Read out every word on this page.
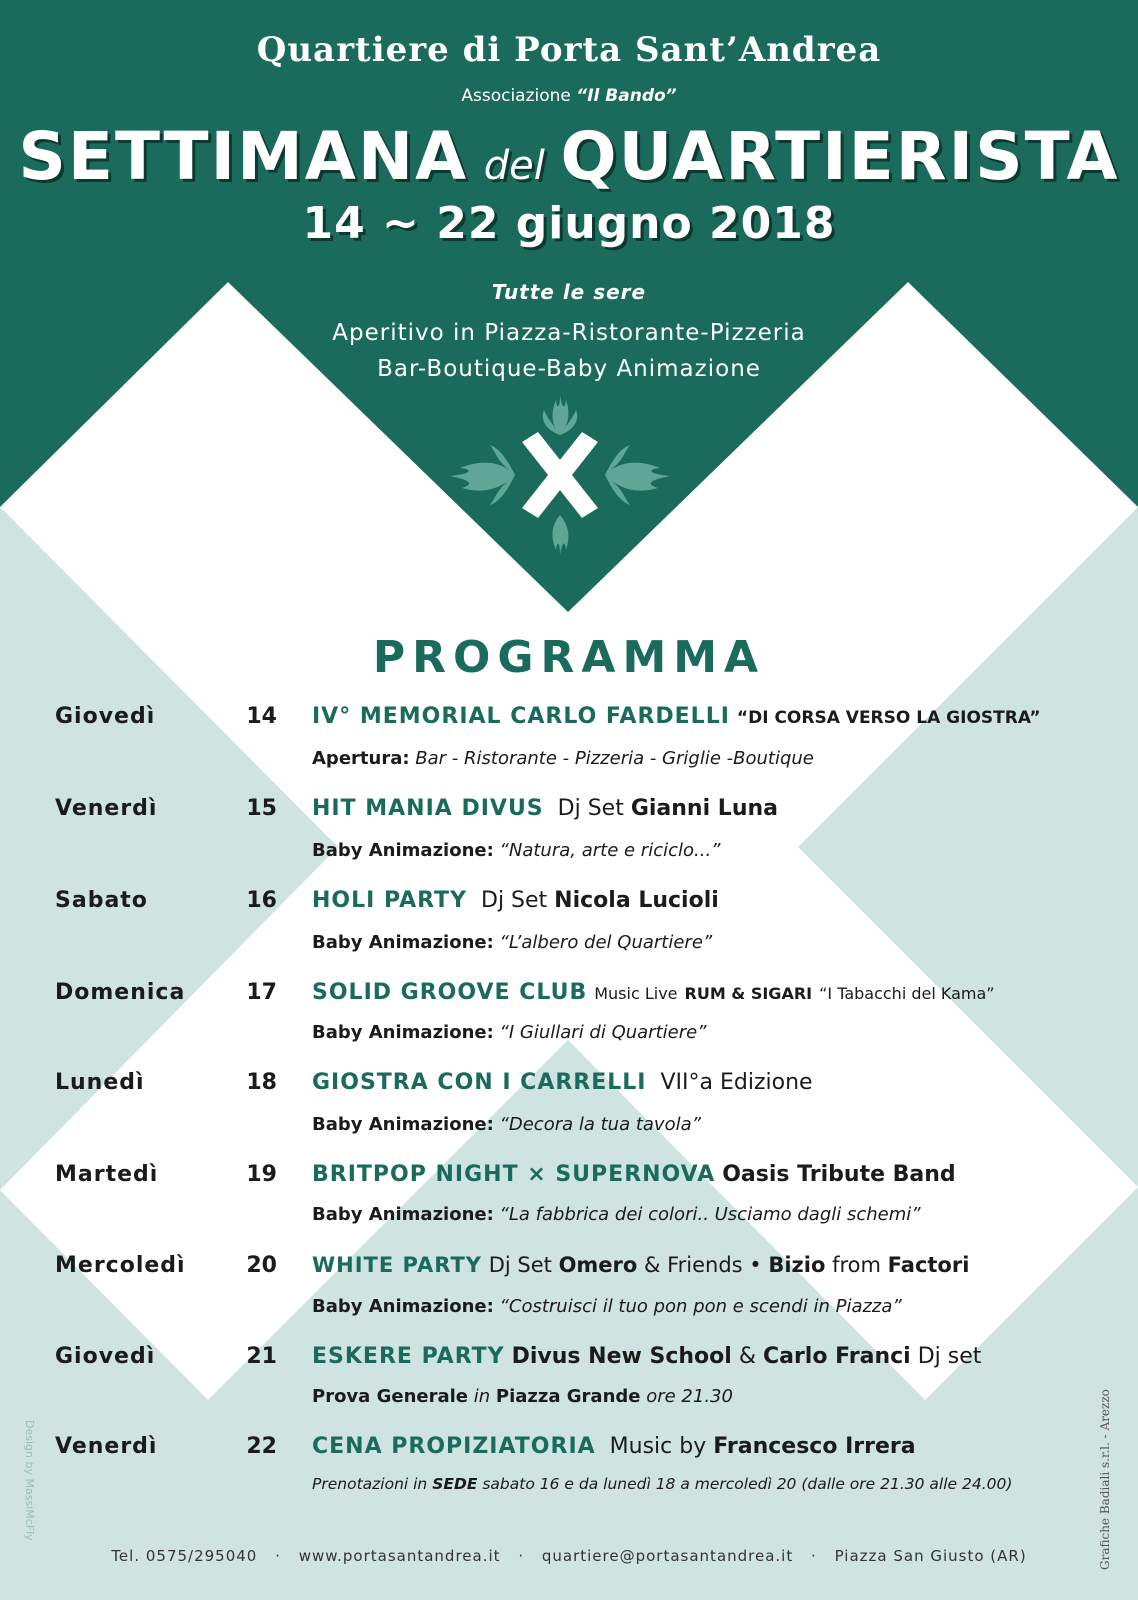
Quartiere di Porta Sant’Andrea
Associazione “Il Bando”
SETTIMANA del QUARTIERISTA
14 ~ 22 giugno 2018
Tutte le sere
Aperitivo in Piazza-Ristorante-Pizzeria
Bar-Boutique-Baby Animazione
PROGRAMMA
Giovedì	14 IV° MEMORIAL CARLO FARDELLI “DI CORSA VERSO LA GIOSTRA”
Apertura: Bar - Ristorante - Pizzeria - Griglie -Boutique
Venerdì	15 HIT MANIA DIVUS Dj Set Gianni Luna
Baby Animazione: “Natura, arte e riciclo...”
Sabato	16 HOLI PARTY Dj Set Nicola Lucioli
Baby Animazione: “L’albero del Quartiere”
Domenica	17 SOLID GROOVE CLUB Music Live RUM & SIGARI “I Tabacchi del Kama”
Baby Animazione: “I Giullari di Quartiere”
Lunedì	18 GIOSTRA CON I CARRELLI VII°a Edizione
Baby Animazione: “Decora la tua tavola”
Martedì	19 BRITPOP NIGHT × SUPERNOVA Oasis Tribute Band
Baby Animazione: “La fabbrica dei colori.. Usciamo dagli schemi”
Mercoledì	20 WHITE PARTY Dj Set Omero & Friends • Bizio from Factori
Baby Animazione: “Costruisci il tuo pon pon e scendi in Piazza”
Giovedì	21 ESKERE PARTY Divus New School & Carlo Franci Dj set
Prova Generale in Piazza Grande ore 21.30
Venerdì	22 CENA PROPIZIATORIA Music by Francesco Irrera
Prenotazioni in SEDE sabato 16 e da lunedì 18 a mercoledì 20 (dalle ore 21.30 alle 24.00)
Tel. 0575/295040 · www.portasantandrea.it · quartiere@portasantandrea.it · Piazza San Giusto (AR)
Design by MassiMcFly	Grafiche Badiali s.r.l. - Arezzo
